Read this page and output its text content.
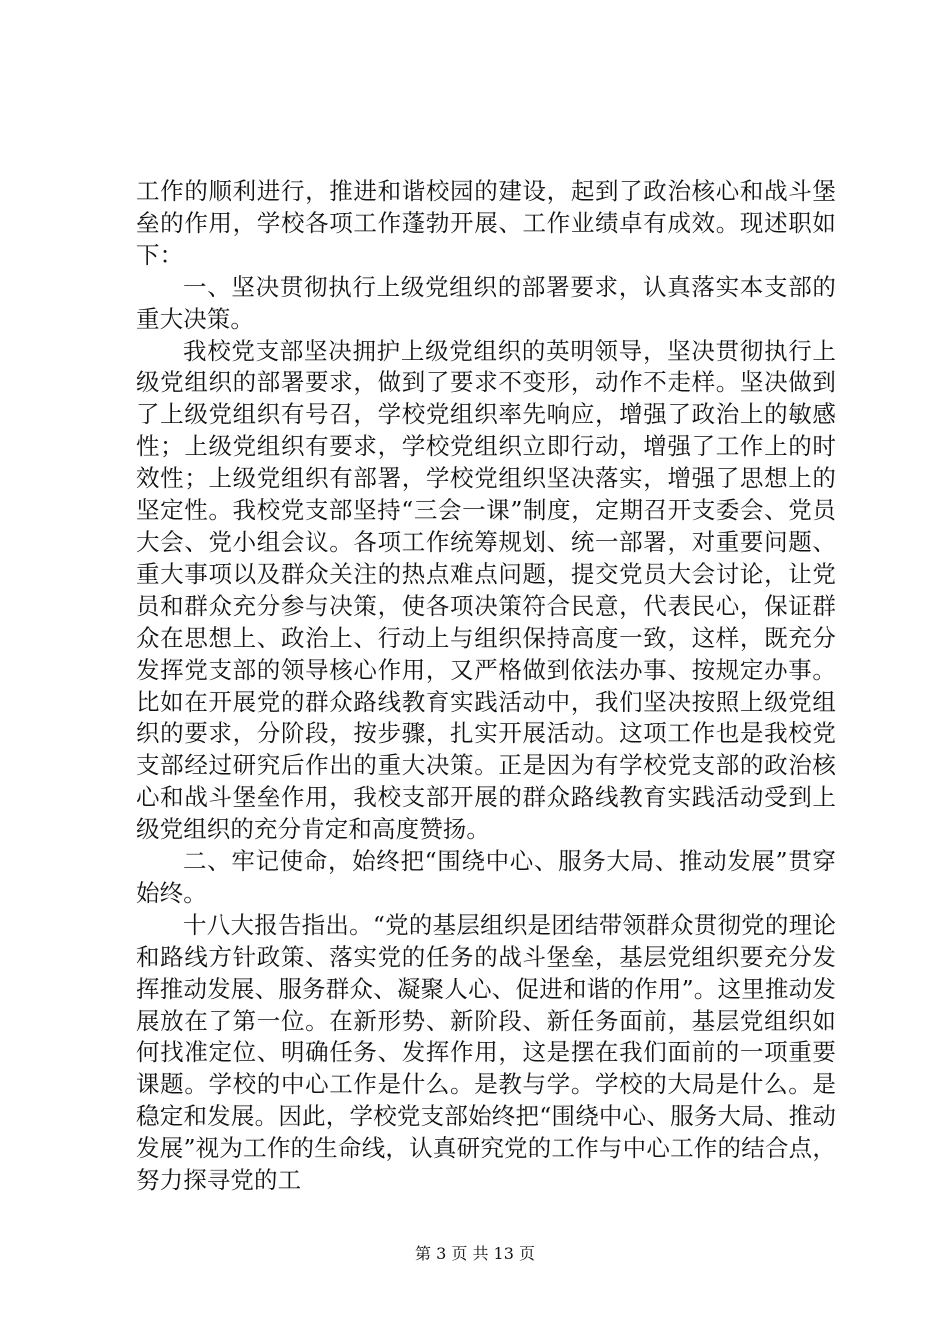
工作的顺利进行，推进和谐校园的建设，起到了政治核心和战斗堡垒的作用，学校各项工作蓬勃开展、工作业绩卓有成效。现述职如下：

一、坚决贯彻执行上级党组织的部署要求，认真落实本支部的重大决策。

我校党支部坚决拥护上级党组织的英明领导，坚决贯彻执行上级党组织的部署要求，做到了要求不变形，动作不走样。坚决做到了上级党组织有号召，学校党组织率先响应，增强了政治上的敏感性；上级党组织有要求，学校党组织立即行动，增强了工作上的时效性；上级党组织有部署，学校党组织坚决落实，增强了思想上的坚定性。我校党支部坚持“三会一课”制度，定期召开支委会、党员大会、党小组会议。各项工作统筹规划、统一部署，对重要问题、重大事项以及群众关注的热点难点问题，提交党员大会讨论，让党员和群众充分参与决策，使各项决策符合民意，代表民心，保证群众在思想上、政治上、行动上与组织保持高度一致，这样，既充分发挥党支部的领导核心作用，又严格做到依法办事、按规定办事。比如在开展党的群众路线教育实践活动中，我们坚决按照上级党组织的要求，分阶段，按步骤，扎实开展活动。这项工作也是我校党支部经过研究后作出的重大决策。正是因为有学校党支部的政治核心和战斗堡垒作用，我校支部开展的群众路线教育实践活动受到上级党组织的充分肯定和高度赞扬。

二、牢记使命，始终把“围绕中心、服务大局、推动发展”贯穿始终。

十八大报告指出。“党的基层组织是团结带领群众贯彻党的理论和路线方针政策、落实党的任务的战斗堡垒，基层党组织要充分发挥推动发展、服务群众、凝聚人心、促进和谐的作用”。这里推动发展放在了第一位。在新形势、新阶段、新任务面前，基层党组织如何找准定位、明确任务、发挥作用，这是摆在我们面前的一项重要课题。学校的中心工作是什么。是教与学。学校的大局是什么。是稳定和发展。因此，学校党支部始终把“围绕中心、服务大局、推动发展”视为工作的生命线，认真研究党的工作与中心工作的结合点，努力探寻党的工

第 3 页 共 13 页
